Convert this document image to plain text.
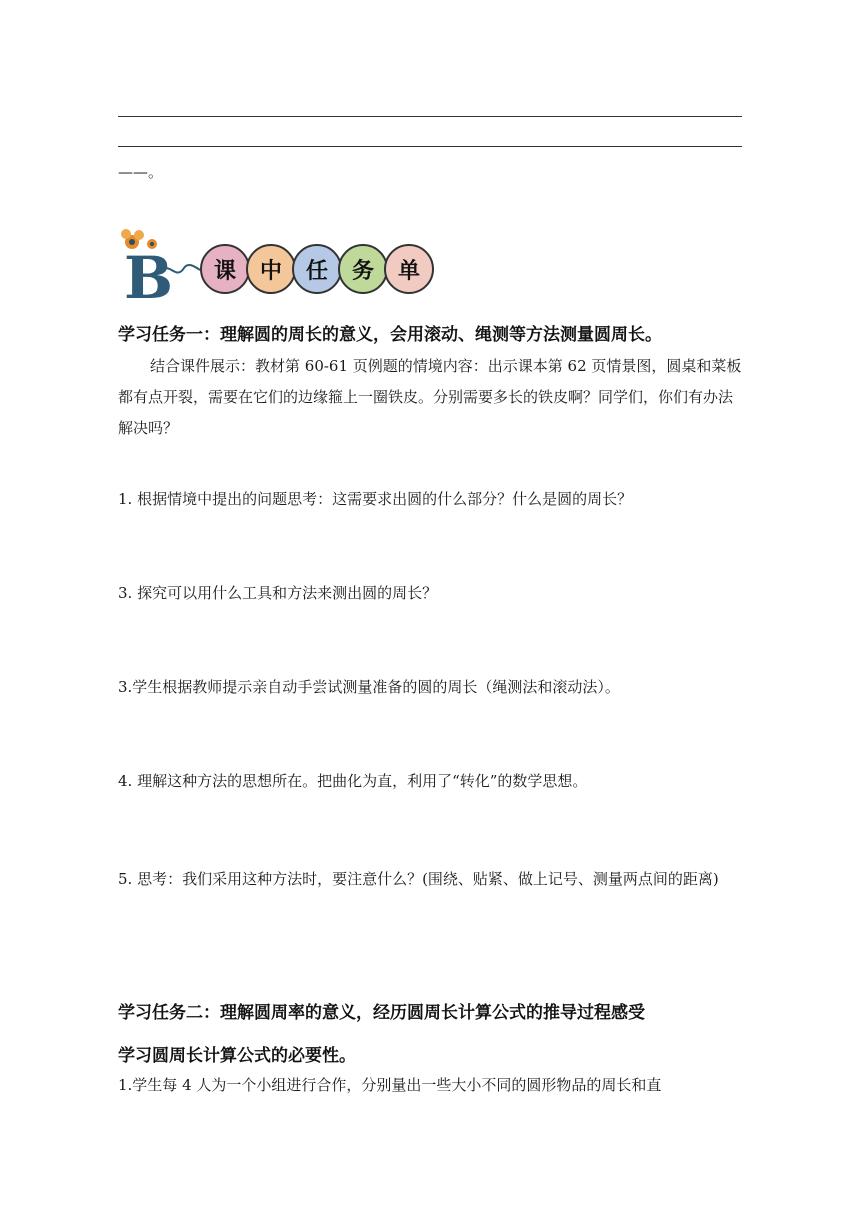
——。
B	课	中	任	务	单
学习任务一：理解圆的周长的意义，会用滚动、绳测等方法测量圆周长。
结合课件展示：教材第 60-61 页例题的情境内容：出示课本第 62 页情景图，圆桌和菜板都有点开裂，需要在它们的边缘箍上一圈铁皮。分别需要多长的铁皮啊？同学们，你们有办法解决吗？
1. 根据情境中提出的问题思考：这需要求出圆的什么部分？什么是圆的周长？
3. 探究可以用什么工具和方法来测出圆的周长？
3.学生根据教师提示亲自动手尝试测量准备的圆的周长（绳测法和滚动法）。
4. 理解这种方法的思想所在。把曲化为直，利用了“转化”的数学思想。
5. 思考：我们采用这种方法时，要注意什么？(围绕、贴紧、做上记号、测量两点间的距离)
学习任务二：理解圆周率的意义，经历圆周长计算公式的推导过程感受
学习圆周长计算公式的必要性。
1.学生每 4 人为一个小组进行合作，分别量出一些大小不同的圆形物品的周长和直
